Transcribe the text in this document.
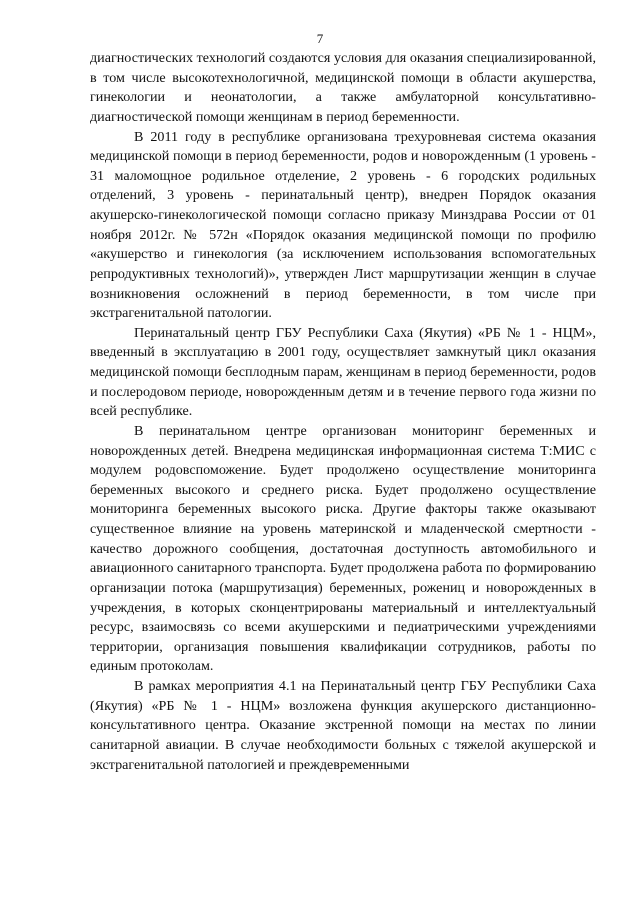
7

диагностических технологий создаются условия для оказания специализированной, в том числе высокотехнологичной, медицинской помощи в области акушерства, гинекологии и неонатологии, а также амбулаторной консультативно-диагностической помощи женщинам в период беременности.

В 2011 году в республике организована трехуровневая система оказания медицинской помощи в период беременности, родов и новорожденным (1 уровень - 31 маломощное родильное отделение, 2 уровень - 6 городских родильных отделений, 3 уровень - перинатальный центр), внедрен Порядок оказания акушерско-гинекологической помощи согласно приказу Минздрава России от 01 ноября 2012г. № 572н «Порядок оказания медицинской помощи по профилю «акушерство и гинекология (за исключением использования вспомогательных репродуктивных технологий)», утвержден Лист маршрутизации женщин в случае возникновения осложнений в период беременности, в том числе при экстрагенитальной патологии.

Перинатальный центр ГБУ Республики Саха (Якутия) «РБ № 1 - НЦМ», введенный в эксплуатацию в 2001 году, осуществляет замкнутый цикл оказания медицинской помощи бесплодным парам, женщинам в период беременности, родов и послеродовом периоде, новорожденным детям и в течение первого года жизни по всей республике.

В перинатальном центре организован мониторинг беременных и новорожденных детей. Внедрена медицинская информационная система Т:МИС с модулем родовспоможение. Будет продолжено осуществление мониторинга беременных высокого и среднего риска. Будет продолжено осуществление мониторинга беременных высокого риска. Другие факторы также оказывают существенное влияние на уровень материнской и младенческой смертности - качество дорожного сообщения, достаточная доступность автомобильного и авиационного санитарного транспорта. Будет продолжена работа по формированию организации потока (маршрутизация) беременных, рожениц и новорожденных в учреждения, в которых сконцентрированы материальный и интеллектуальный ресурс, взаимосвязь со всеми акушерскими и педиатрическими учреждениями территории, организация повышения квалификации сотрудников, работы по единым протоколам.

В рамках мероприятия 4.1 на Перинатальный центр ГБУ Республики Саха (Якутия) «РБ № 1 - НЦМ» возложена функция акушерского дистанционно-консультативного центра. Оказание экстренной помощи на местах по линии санитарной авиации. В случае необходимости больных с тяжелой акушерской и экстрагенитальной патологией и преждевременными
